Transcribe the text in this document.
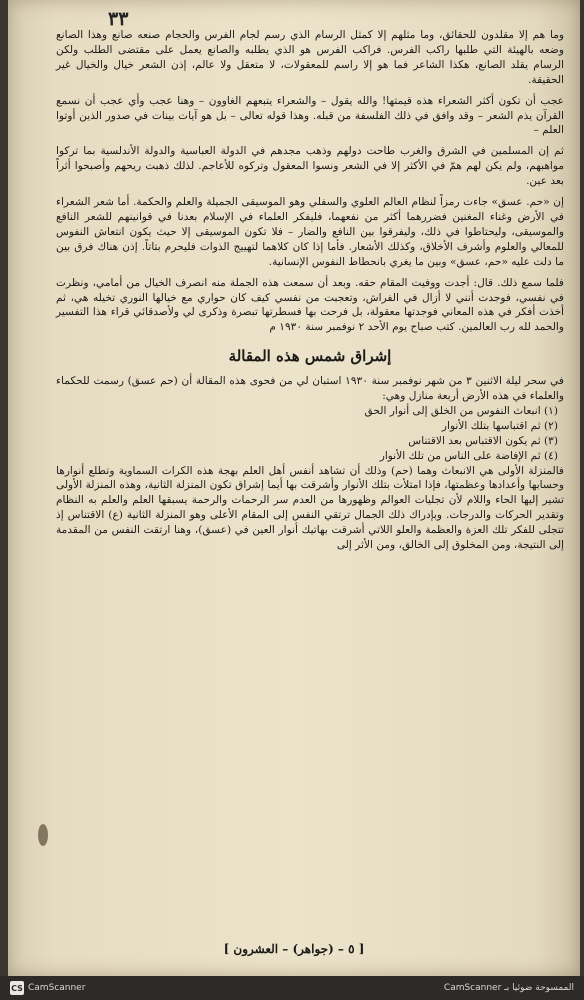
٣٣

وما هم إلا مقلدون للحقائق، وما مثلهم إلا كمثل الرسام الذي رسم لجام الفرس والحجام صنعه صانع وهذا الصانع وضعه بالهيئة التي طلبها راكب الفرس. فراكب الفرس هو الذي يطلبه والصانع يعمل على مقتضى الطلب ولكن الرسام يقلد الصانع، هكذا الشاعر فما هو إلا راسم للمعقولات، لا متعقل ولا عالم، إذن الشعر خيال والخيال غير الحقيقة.

عجب أن تكون أكثر الشعراء هذه قيمتها! والله يقول – والشعراء يتبعهم الغاوون – وهنا عجب وأي عجب أن نسمع القرآن يذم الشعر – وقد وافق في ذلك الفلسفة من قبله. وهذا قوله تعالى – بل هو آيات بينات في صدور الذين أوتوا العلم –

ثم إن المسلمين في الشرق والغرب طاحت دولهم وذهب مجدهم في الدولة العباسية والدولة الأندلسية بما تركوا مواهبهم، ولم يكن لهم همّ في الأكثر إلا في الشعر ونسوا المعقول وتركوه للأعاجم. لذلك ذهبت ريحهم وأصبحوا أثراً بعد عين.

إن «حم. عسق» جاءت رمزاً لنظام العالم العلوي والسفلي وهو الموسيقى الجميلة والعلم والحكمة. أما شعر الشعراء في الأرض وغناء المغنين فضررهما أكثر من نفعهما، فليفكر العلماء في الإسلام بعدنا في قوانينهم للشعر النافع والموسيقى، وليحتاطوا في ذلك، وليفرقوا بين النافع والضار – فلا تكون الموسيقى إلا حيث يكون انتعاش النفوس للمعالي والعلوم وأشرف الأخلاق، وكذلك الأشعار. فأما إذا كان كلاهما لتهييج الذوات فليحرم بتاتاً. إذن هناك فرق بين ما دلت عليه «حم، عسق» وبين ما يغري بانحطاط النفوس الإنسانية.

فلما سمع ذلك. قال: أجدت ووفيت المقام حقه. وبعد أن سمعت هذه الجملة منه انصرف الخيال من أمامي، ونظرت في نفسي، فوجدت أنني لا أزال في الفراش، وتعجبت من نفسي كيف كان حواري مع خيالها النوري تخيله هي، ثم أخذت أفكر في هذه المعاني فوجدتها معقولة، بل فرحت بها فسطرتها تبصرة وذكرى لي ولأصدقائي قراء هذا التفسير والحمد لله رب العالمين. كتب صباح يوم الأحد ٢ نوفمبر سنة ١٩٣٠ م

إشراق شمس هذه المقالة

في سحر ليلة الاثنين ٣ من شهر نوفمبر سنة ١٩٣٠ استبان لي من فحوى هذه المقالة أن (حم عسق) رسمت للحكماء والعلماء في هذه الأرض أربعة منازل وهي:

(١) انبعاث النفوس من الخلق إلى أنوار الحق
(٢) ثم اقتباسها بتلك الأنوار
(٣) ثم يكون الاقتباس بعد الاقتناس
(٤) ثم الإفاضة على الناس من تلك الأنوار

فالمنزلة الأولى هي الانبعاث وهما (حم) وذلك أن تشاهد أنفس أهل العلم بهجة هذه الكرات السماوية وتطلع أنوارها وحسابها وأعدادها وعظمتها، فإذا امتلأت بتلك الأنوار وأشرقت بها أيما إشراق تكون المنزلة الثانية، وهذه المنزلة الأولى تشير إليها الحاء واللام لأن تجليات العوالم وظهورها من العدم سر الرحمات والرحمة يسبقها العلم والعلم به النظام وتقدير الحركات والدرجات. وبإدراك ذلك الجمال ترتقي النفس إلى المقام الأعلى وهو المنزلة الثانية (ع) الاقتناس إذ تتجلى للفكر تلك العزة والعظمة والعلو اللاتي أشرقت بهاتيك أنوار العين في (عسق)، وهنا ارتقت النفس من المقدمة إلى النتيجة، ومن المخلوق إلى الخالق، ومن الأثر إلى

[ ٥ – (جواهر) – العشرون ]
CS CamScanner	الممسوحة ضوئيا بـ CamScanner
